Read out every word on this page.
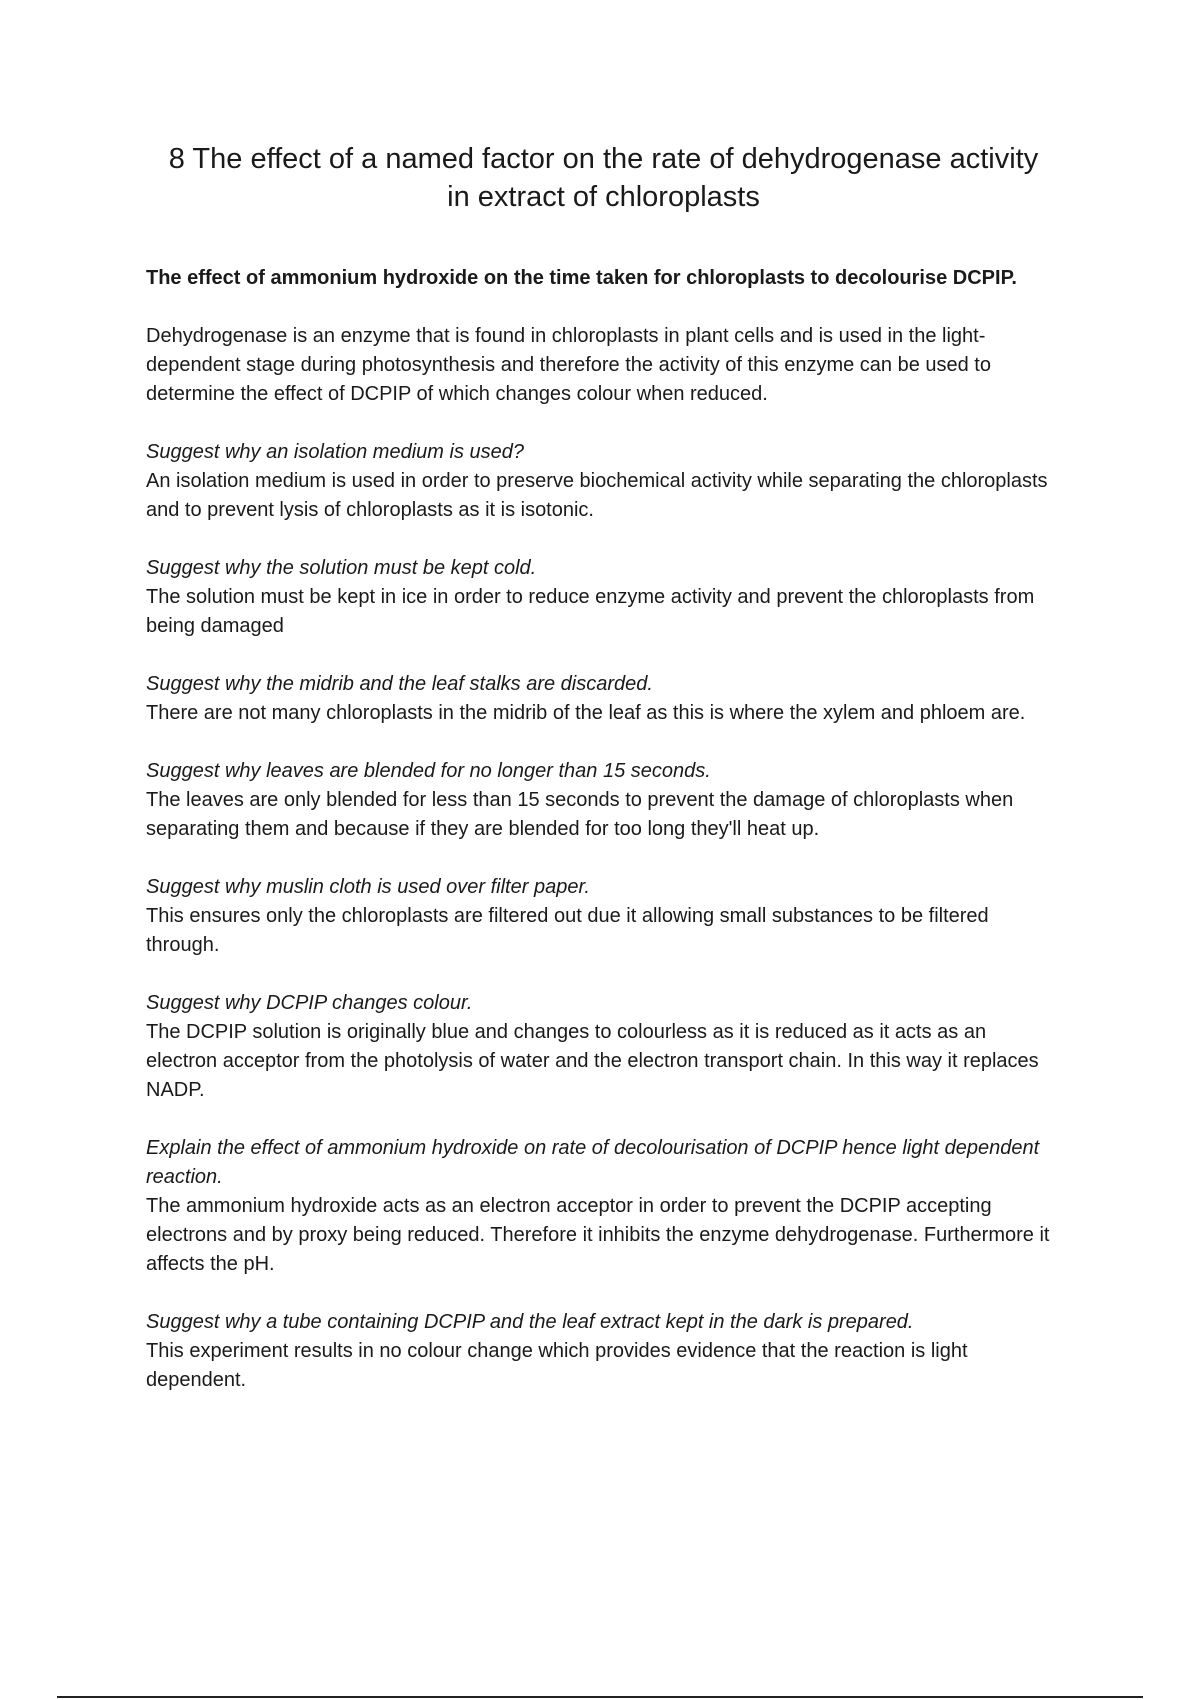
8 The effect of a named factor on the rate of dehydrogenase activity
in extract of chloroplasts

The effect of ammonium hydroxide on the time taken for chloroplasts to decolourise DCPIP.

Dehydrogenase is an enzyme that is found in chloroplasts in plant cells and is used in the light-dependent stage during photosynthesis and therefore the activity of this enzyme can be used to determine the effect of DCPIP of which changes colour when reduced.

Suggest why an isolation medium is used?

An isolation medium is used in order to preserve biochemical activity while separating the chloroplasts and to prevent lysis of chloroplasts as it is isotonic.

Suggest why the solution must be kept cold.

The solution must be kept in ice in order to reduce enzyme activity and prevent the chloroplasts from being damaged

Suggest why the midrib and the leaf stalks are discarded.

There are not many chloroplasts in the midrib of the leaf as this is where the xylem and phloem are.

Suggest why leaves are blended for no longer than 15 seconds.

The leaves are only blended for less than 15 seconds to prevent the damage of chloroplasts when separating them and because if they are blended for too long they'll heat up.

Suggest why muslin cloth is used over filter paper.

This ensures only the chloroplasts are filtered out due it allowing small substances to be filtered through.

Suggest why DCPIP changes colour.

The DCPIP solution is originally blue and changes to colourless as it is reduced as it acts as an electron acceptor from the photolysis of water and the electron transport chain. In this way it replaces NADP.

Explain the effect of ammonium hydroxide on rate of decolourisation of DCPIP hence light dependent reaction.

The ammonium hydroxide acts as an electron acceptor in order to prevent the DCPIP accepting electrons and by proxy being reduced. Therefore it inhibits the enzyme dehydrogenase. Furthermore it affects the pH.

Suggest why a tube containing DCPIP and the leaf extract kept in the dark is prepared.

This experiment results in no colour change which provides evidence that the reaction is light dependent.
